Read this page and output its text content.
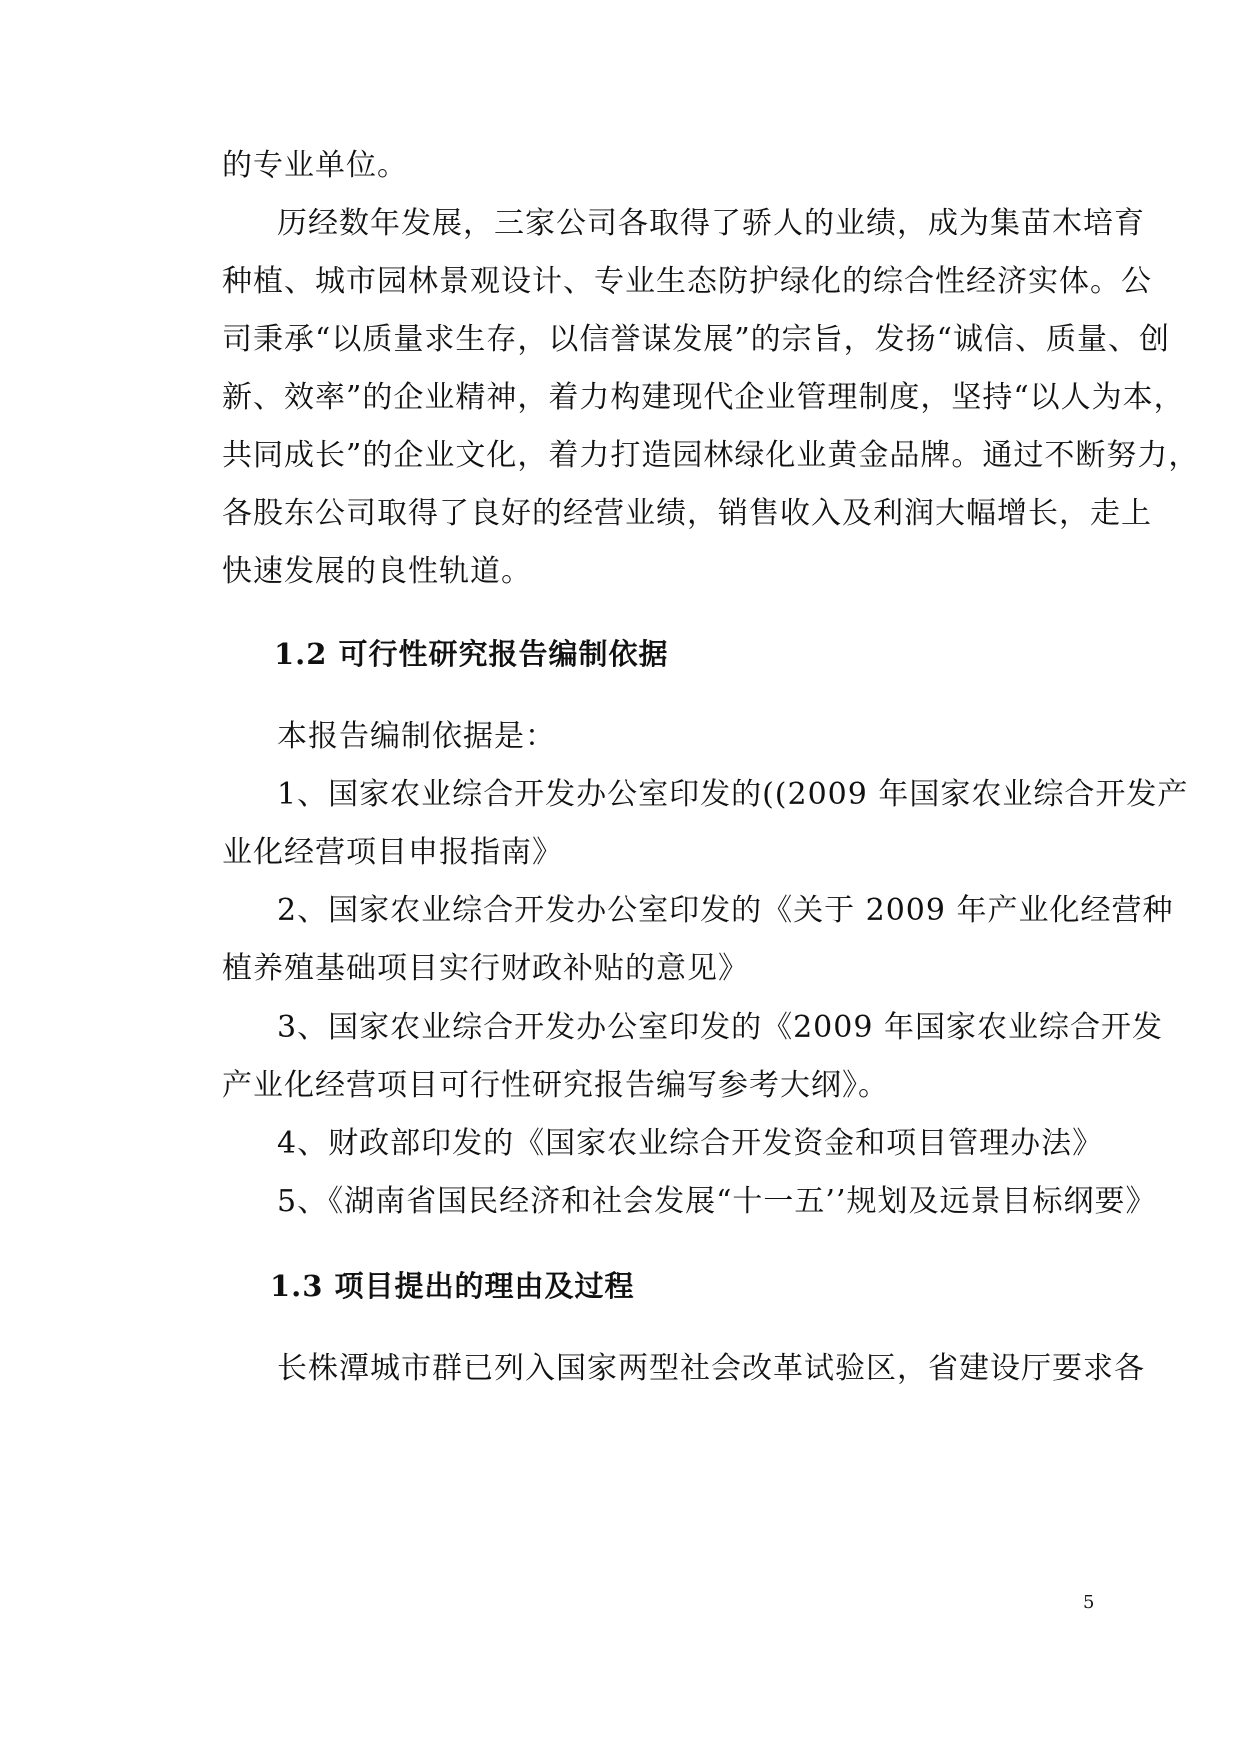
的专业单位。
历经数年发展，三家公司各取得了骄人的业绩，成为集苗木培育
种植、城市园林景观设计、专业生态防护绿化的综合性经济实体。公
司秉承“以质量求生存，以信誉谋发展”的宗旨，发扬“诚信、质量、创
新、效率”的企业精神，着力构建现代企业管理制度，坚持“以人为本，
共同成长”的企业文化，着力打造园林绿化业黄金品牌。通过不断努力，
各股东公司取得了良好的经营业绩，销售收入及利润大幅增长，走上
快速发展的良性轨道。
1.2 可行性研究报告编制依据
本报告编制依据是：
1、国家农业综合开发办公室印发的((2009 年国家农业综合开发产
业化经营项目申报指南》
2、国家农业综合开发办公室印发的《关于 2009 年产业化经营种
植养殖基础项目实行财政补贴的意见》
3、国家农业综合开发办公室印发的《2009 年国家农业综合开发
产业化经营项目可行性研究报告编写参考大纲》。
4、财政部印发的《国家农业综合开发资金和项目管理办法》
5、《湖南省国民经济和社会发展“十一五’’规划及远景目标纲要》
1.3 项目提出的理由及过程
长株潭城市群已列入国家两型社会改革试验区，省建设厅要求各
5
